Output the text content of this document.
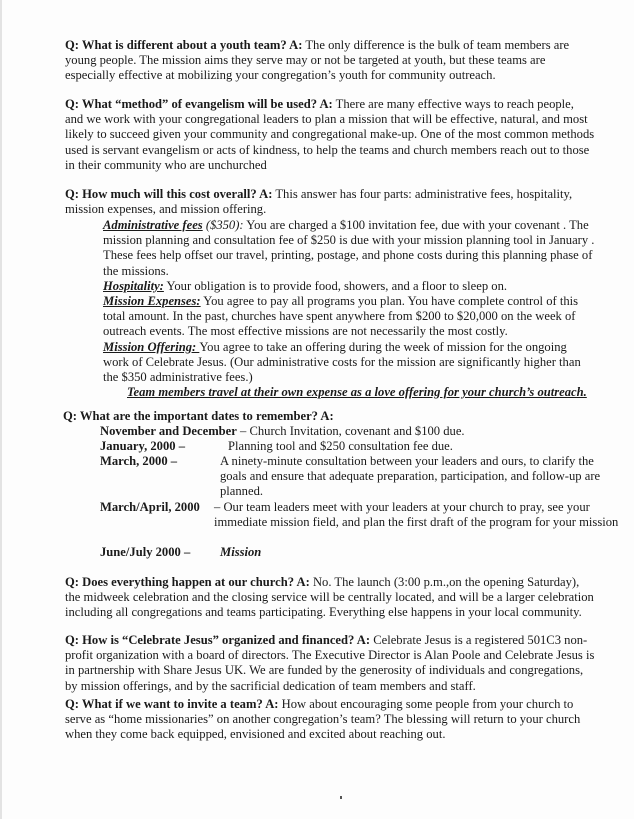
Q: What is different about a youth team? A: The only difference is the bulk of team members are young people. The mission aims they serve may or not be targeted at youth, but these teams are especially effective at mobilizing your congregation’s youth for community outreach.
Q: What “method” of evangelism will be used? A: There are many effective ways to reach people, and we work with your congregational leaders to plan a mission that will be effective, natural, and most likely to succeed given your community and congregational make-up. One of the most common methods used is servant evangelism or acts of kindness, to help the teams and church members reach out to those in their community who are unchurched
Q: How much will this cost overall? A: This answer has four parts: administrative fees, hospitality, mission expenses, and mission offering.
Administrative fees ($350): You are charged a $100 invitation fee, due with your covenant . The mission planning and consultation fee of $250 is due with your mission planning tool in January . These fees help offset our travel, printing, postage, and phone costs during this planning phase of the missions.
Hospitality: Your obligation is to provide food, showers, and a floor to sleep on.
Mission Expenses: You agree to pay all programs you plan. You have complete control of this total amount. In the past, churches have spent anywhere from $200 to $20,000 on the week of outreach events. The most effective missions are not necessarily the most costly.
Mission Offering: You agree to take an offering during the week of mission for the ongoing work of Celebrate Jesus. (Our administrative costs for the mission are significantly higher than the $350 administrative fees.)
Team members travel at their own expense as a love offering for your church’s outreach.
Q: What are the important dates to remember? A:
November and December – Church Invitation, covenant and $100 due.
January, 2000 –	Planning tool and $250 consultation fee due.
March, 2000 –	A ninety-minute consultation between your leaders and ours, to clarify the goals and ensure that adequate preparation, participation, and follow-up are planned.
March/April, 2000 – Our team leaders meet with your leaders at your church to pray, see your immediate mission field, and plan the first draft of the program for your mission
June/July 2000 – Mission
Q: Does everything happen at our church? A: No. The launch (3:00 p.m.,on the opening Saturday), the midweek celebration and the closing service will be centrally located, and will be a larger celebration including all congregations and teams participating. Everything else happens in your local community.
Q: How is “Celebrate Jesus” organized and financed? A: Celebrate Jesus is a registered 501C3 non-profit organization with a board of directors. The Executive Director is Alan Poole and Celebrate Jesus is in partnership with Share Jesus UK. We are funded by the generosity of individuals and congregations, by mission offerings, and by the sacrificial dedication of team members and staff.
Q: What if we want to invite a team? A: How about encouraging some people from your church to serve as “home missionaries” on another congregation’s team? The blessing will return to your church when they come back equipped, envisioned and excited about reaching out.
